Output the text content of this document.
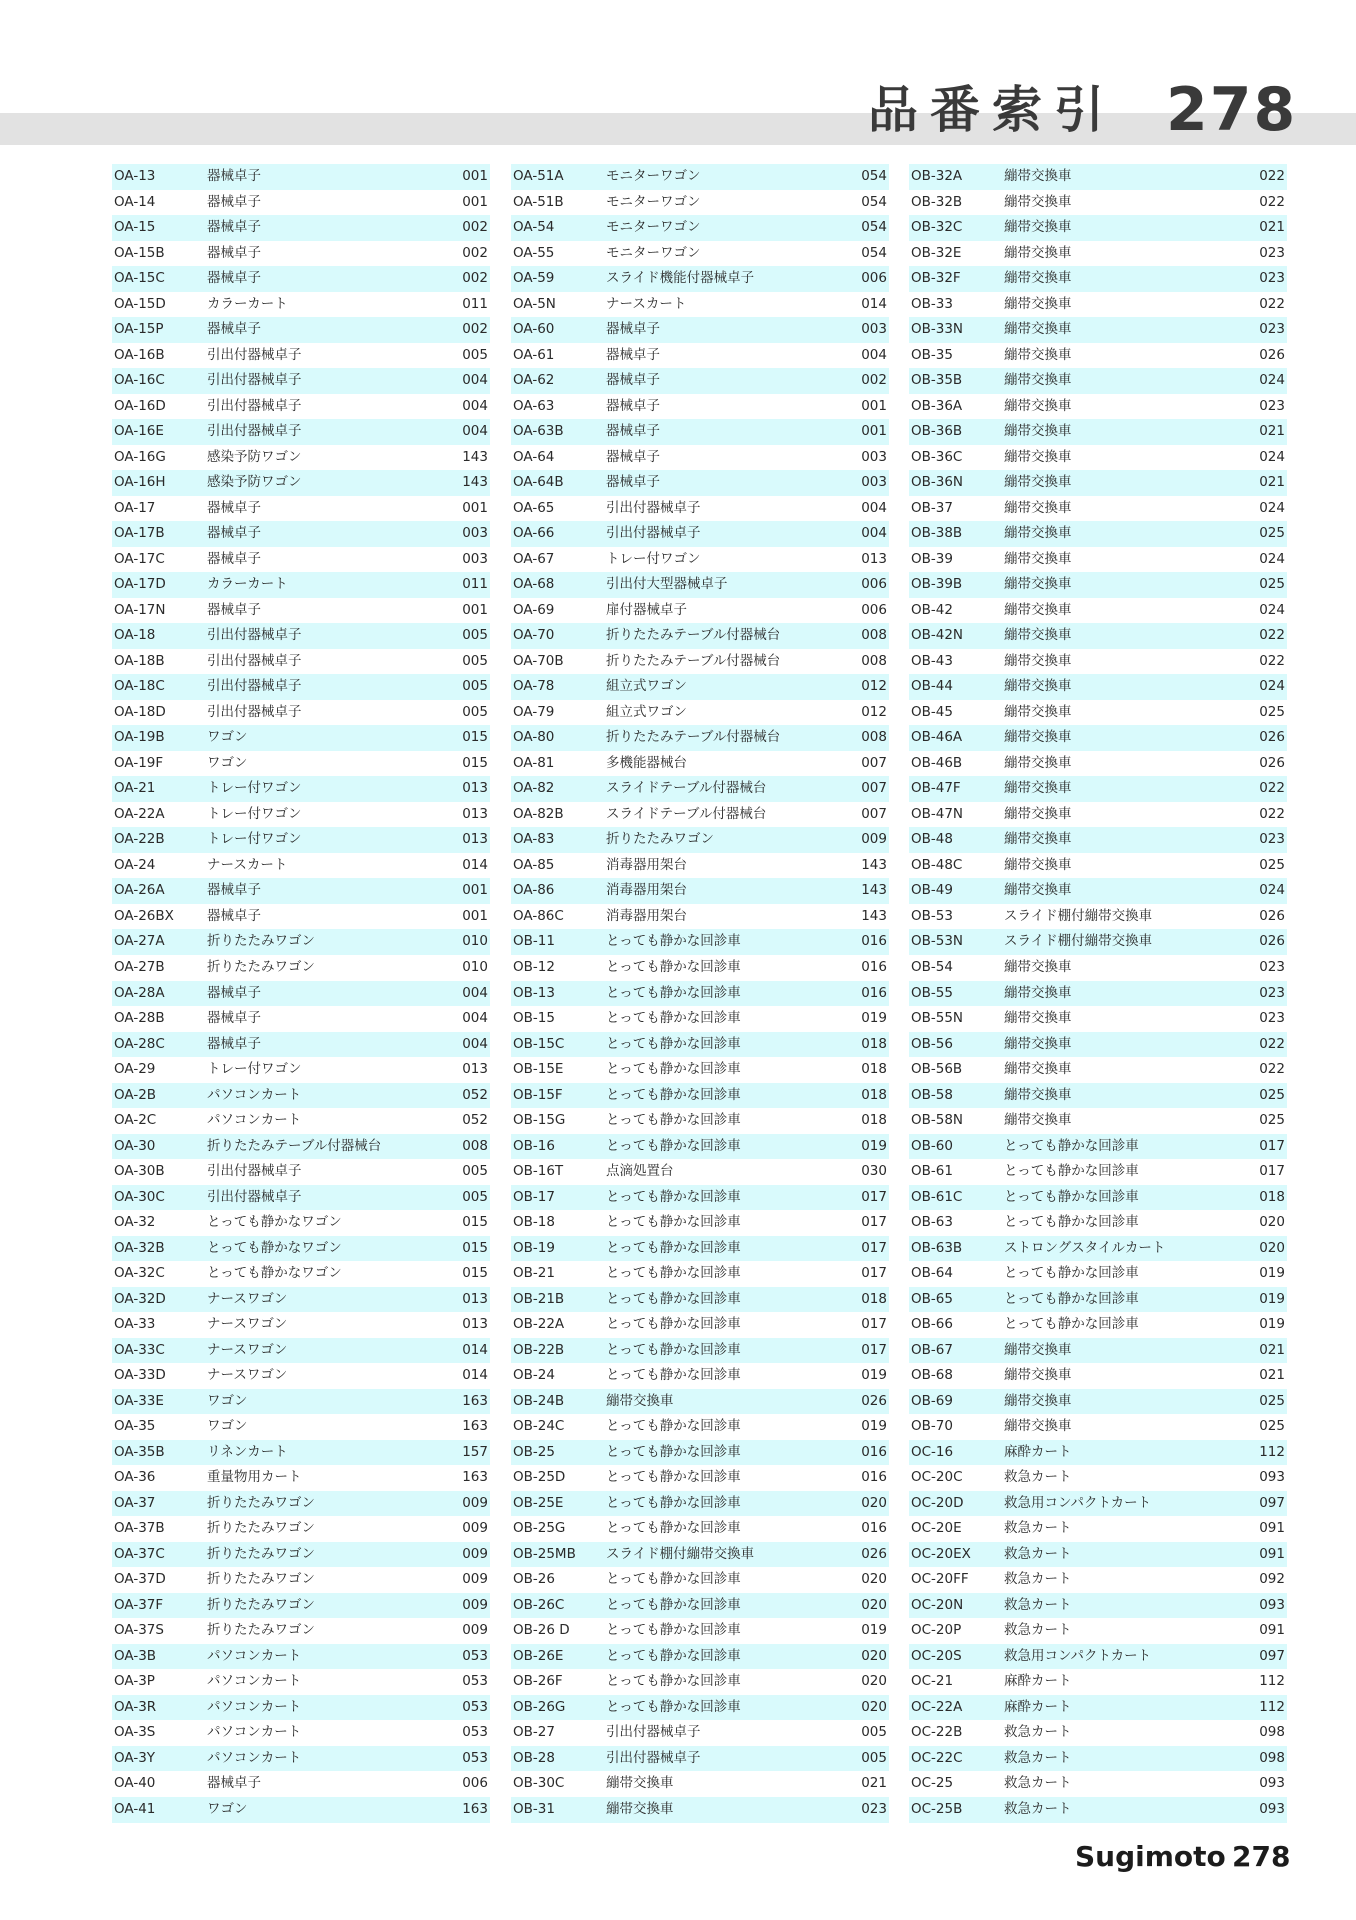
品番索引 278
OA-13	器械卓子	001
OA-14	器械卓子	001
OA-15	器械卓子	002
OA-15B	器械卓子	002
OA-15C	器械卓子	002
OA-15D	カラーカート	011
OA-15P	器械卓子	002
OA-16B	引出付器械卓子	005
OA-16C	引出付器械卓子	004
OA-16D	引出付器械卓子	004
OA-16E	引出付器械卓子	004
OA-16G	感染予防ワゴン	143
OA-16H	感染予防ワゴン	143
OA-17	器械卓子	001
OA-17B	器械卓子	003
OA-17C	器械卓子	003
OA-17D	カラーカート	011
OA-17N	器械卓子	001
OA-18	引出付器械卓子	005
OA-18B	引出付器械卓子	005
OA-18C	引出付器械卓子	005
OA-18D	引出付器械卓子	005
OA-19B	ワゴン	015
OA-19F	ワゴン	015
OA-21	トレー付ワゴン	013
OA-22A	トレー付ワゴン	013
OA-22B	トレー付ワゴン	013
OA-24	ナースカート	014
OA-26A	器械卓子	001
OA-26BX 器械卓子	001
OA-27A	折りたたみワゴン	010
OA-27B	折りたたみワゴン	010
OA-28A	器械卓子	004
OA-28B	器械卓子	004
OA-28C	器械卓子	004
OA-29	トレー付ワゴン	013
OA-2B	パソコンカート	052
OA-2C	パソコンカート	052
OA-30	折りたたみテーブル付器械台	008
OA-30B	引出付器械卓子	005
OA-30C	引出付器械卓子	005
OA-32	とっても静かなワゴン	015
OA-32B	とっても静かなワゴン	015
OA-32C	とっても静かなワゴン	015
OA-32D	ナースワゴン	013
OA-33	ナースワゴン	013
OA-33C	ナースワゴン	014
OA-33D	ナースワゴン	014
OA-33E	ワゴン	163
OA-35	ワゴン	163
OA-35B	リネンカート	157
OA-36	重量物用カート	163
OA-37	折りたたみワゴン	009
OA-37B	折りたたみワゴン	009
OA-37C	折りたたみワゴン	009
OA-37D	折りたたみワゴン	009
OA-37F	折りたたみワゴン	009
OA-37S	折りたたみワゴン	009
OA-3B	パソコンカート	053
OA-3P	パソコンカート	053
OA-3R	パソコンカート	053
OA-3S	パソコンカート	053
OA-3Y	パソコンカート	053
OA-40	器械卓子	006
OA-41	ワゴン	163
OA-51A	モニターワゴン	054
OA-51B	モニターワゴン	054
OA-54	モニターワゴン	054
OA-55	モニターワゴン	054
OA-59	スライド機能付器械卓子	006
OA-5N	ナースカート	014
OA-60	器械卓子	003
OA-61	器械卓子	004
OA-62	器械卓子	002
OA-63	器械卓子	001
OA-63B	器械卓子	001
OA-64	器械卓子	003
OA-64B	器械卓子	003
OA-65	引出付器械卓子	004
OA-66	引出付器械卓子	004
OA-67	トレー付ワゴン	013
OA-68	引出付大型器械卓子	006
OA-69	扉付器械卓子	006
OA-70	折りたたみテーブル付器械台	008
OA-70B	折りたたみテーブル付器械台	008
OA-78	組立式ワゴン	012
OA-79	組立式ワゴン	012
OA-80	折りたたみテーブル付器械台	008
OA-81	多機能器械台	007
OA-82	スライドテーブル付器械台	007
OA-82B	スライドテーブル付器械台	007
OA-83	折りたたみワゴン	009
OA-85	消毒器用架台	143
OA-86	消毒器用架台	143
OA-86C	消毒器用架台	143
OB-11	とっても静かな回診車	016
OB-12	とっても静かな回診車	016
OB-13	とっても静かな回診車	016
OB-15	とっても静かな回診車	019
OB-15C	とっても静かな回診車	018
OB-15E	とっても静かな回診車	018
OB-15F	とっても静かな回診車	018
OB-15G	とっても静かな回診車	018
OB-16	とっても静かな回診車	019
OB-16T	点滴処置台	030
OB-17	とっても静かな回診車	017
OB-18	とっても静かな回診車	017
OB-19	とっても静かな回診車	017
OB-21	とっても静かな回診車	017
OB-21B	とっても静かな回診車	018
OB-22A	とっても静かな回診車	017
OB-22B	とっても静かな回診車	017
OB-24	とっても静かな回診車	019
OB-24B	繃帯交換車	026
OB-24C	とっても静かな回診車	019
OB-25	とっても静かな回診車	016
OB-25D	とっても静かな回診車	016
OB-25E	とっても静かな回診車	020
OB-25G	とっても静かな回診車	016
OB-25MB スライド棚付繃帯交換車	026
OB-26	とっても静かな回診車	020
OB-26C	とっても静かな回診車	020
OB-26 D	とっても静かな回診車	019
OB-26E	とっても静かな回診車	020
OB-26F	とっても静かな回診車	020
OB-26G	とっても静かな回診車	020
OB-27	引出付器械卓子	005
OB-28	引出付器械卓子	005
OB-30C	繃帯交換車	021
OB-31	繃帯交換車	023
OB-32A	繃帯交換車	022
OB-32B	繃帯交換車	022
OB-32C	繃帯交換車	021
OB-32E	繃帯交換車	023
OB-32F	繃帯交換車	023
OB-33	繃帯交換車	022
OB-33N	繃帯交換車	023
OB-35	繃帯交換車	026
OB-35B	繃帯交換車	024
OB-36A	繃帯交換車	023
OB-36B	繃帯交換車	021
OB-36C	繃帯交換車	024
OB-36N	繃帯交換車	021
OB-37	繃帯交換車	024
OB-38B	繃帯交換車	025
OB-39	繃帯交換車	024
OB-39B	繃帯交換車	025
OB-42	繃帯交換車	024
OB-42N	繃帯交換車	022
OB-43	繃帯交換車	022
OB-44	繃帯交換車	024
OB-45	繃帯交換車	025
OB-46A	繃帯交換車	026
OB-46B	繃帯交換車	026
OB-47F	繃帯交換車	022
OB-47N	繃帯交換車	022
OB-48	繃帯交換車	023
OB-48C	繃帯交換車	025
OB-49	繃帯交換車	024
OB-53	スライド棚付繃帯交換車	026
OB-53N	スライド棚付繃帯交換車	026
OB-54	繃帯交換車	023
OB-55	繃帯交換車	023
OB-55N	繃帯交換車	023
OB-56	繃帯交換車	022
OB-56B	繃帯交換車	022
OB-58	繃帯交換車	025
OB-58N	繃帯交換車	025
OB-60	とっても静かな回診車	017
OB-61	とっても静かな回診車	017
OB-61C	とっても静かな回診車	018
OB-63	とっても静かな回診車	020
OB-63B	ストロングスタイルカート	020
OB-64	とっても静かな回診車	019
OB-65	とっても静かな回診車	019
OB-66	とっても静かな回診車	019
OB-67	繃帯交換車	021
OB-68	繃帯交換車	021
OB-69	繃帯交換車	025
OB-70	繃帯交換車	025
OC-16	麻酔カート	112
OC-20C	救急カート	093
OC-20D	救急用コンパクトカート	097
OC-20E	救急カート	091
OC-20EX 救急カート	091
OC-20FF	救急カート	092
OC-20N	救急カート	093
OC-20P	救急カート	091
OC-20S	救急用コンパクトカート	097
OC-21	麻酔カート	112
OC-22A	麻酔カート	112
OC-22B	救急カート	098
OC-22C	救急カート	098
OC-25	救急カート	093
OC-25B	救急カート	093
Sugimoto 278
